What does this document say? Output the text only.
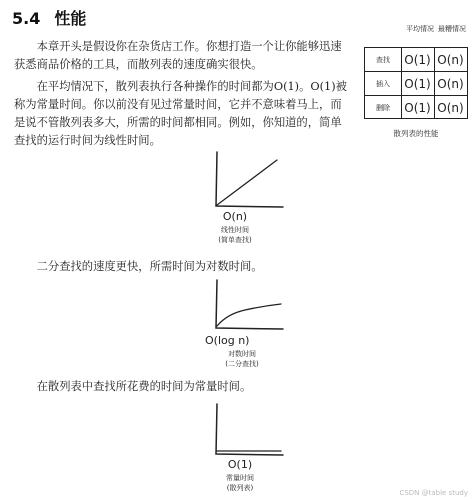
5.4 性能
本章开头是假设你在杂货店工作。你想打造一个让你能够迅速获悉商品价格的工具，而散列表的速度确实很快。
在平均情况下，散列表执行各种操作的时间都为O(1)。O(1)被称为常量时间。你以前没有见过常量时间，它并不意味着马上，而是说不管散列表多大，所需的时间都相同。例如，你知道的，简单查找的运行时间为线性时间。
二分查找的速度更快，所需时间为对数时间。
在散列表中查找所花费的时间为常量时间。
平均情况 最糟情况
查找	O(1) O(n)
插入	O(1) O(n)
删除	O(1) O(n)
散列表的性能
O(n)
线性时间
(简单查找)
O(log n)
对数时间
(二分查找)
O(1)
常量时间
(散列表)
CSDN @table study
